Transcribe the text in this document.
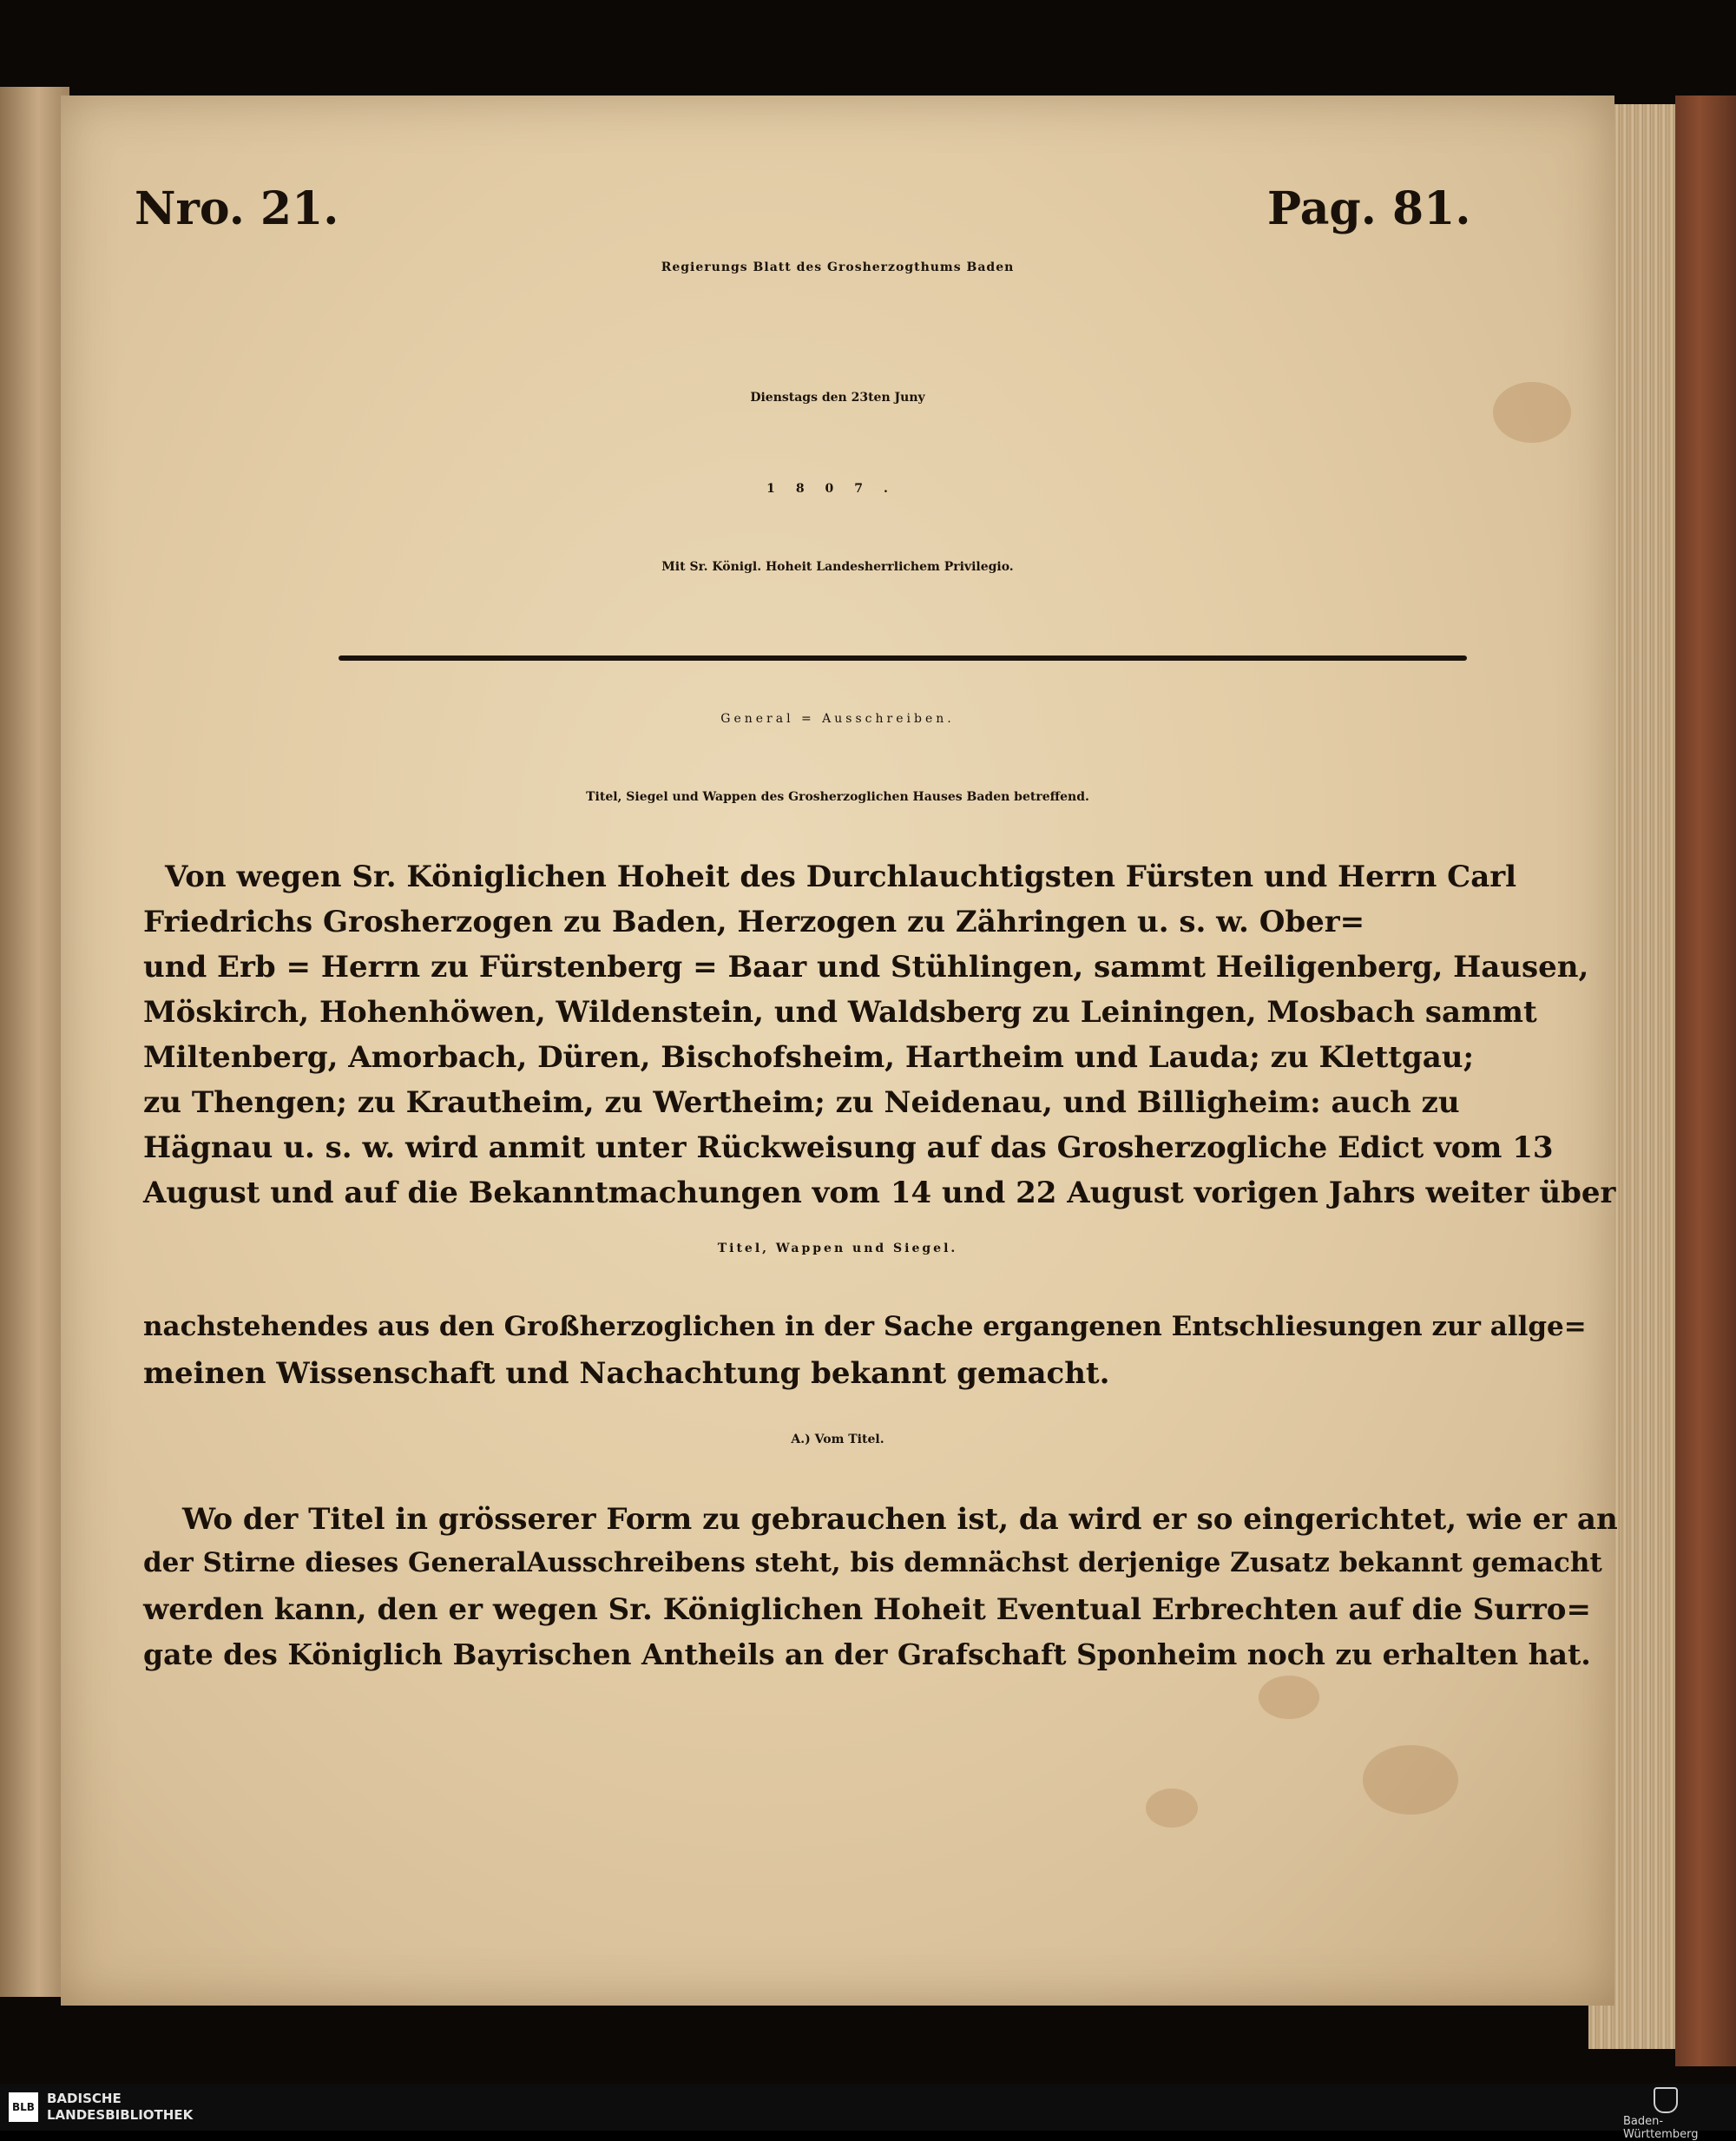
Nro. 21.	Pag. 81.
Regierungs Blatt des Grosherzogthums Baden
Dienstags den 23ten Juny
1807.
Mit Sr. Königl. Hoheit Landesherrlichem Privilegio.
General = Ausschreiben.
Titel, Siegel und Wappen des Grosherzoglichen Hauses Baden betreffend.
Von wegen Sr. Königlichen Hoheit des Durchlauchtigsten Fürsten und Herrn Carl
Friedrichs Grosherzogen zu Baden, Herzogen zu Zähringen u. s. w. Ober=
und Erb = Herrn zu Fürstenberg = Baar und Stühlingen, sammt Heiligenberg, Hausen,
Möskirch, Hohenhöwen, Wildenstein, und Waldsberg zu Leiningen, Mosbach sammt
Miltenberg, Amorbach, Düren, Bischofsheim, Hartheim und Lauda; zu Klettgau;
zu Thengen; zu Krautheim, zu Wertheim; zu Neidenau, und Billigheim: auch zu
Hägnau u. s. w. wird anmit unter Rückweisung auf das Grosherzogliche Edict vom 13
August und auf die Bekanntmachungen vom 14 und 22 August vorigen Jahrs weiter über
Titel, Wappen und Siegel.
nachstehendes aus den Großherzoglichen in der Sache ergangenen Entschliesungen zur allge=
meinen Wissenschaft und Nachachtung bekannt gemacht.
A.) Vom Titel.
Wo der Titel in grösserer Form zu gebrauchen ist, da wird er so eingerichtet, wie er an
der Stirne dieses GeneralAusschreibens steht, bis demnächst derjenige Zusatz bekannt gemacht
werden kann, den er wegen Sr. Königlichen Hoheit Eventual Erbrechten auf die Surro=
gate des Königlich Bayrischen Antheils an der Grafschaft Sponheim noch zu erhalten hat.
BLB
BADISCHE
LANDESBIBLIOTHEK	Baden-Württemberg
